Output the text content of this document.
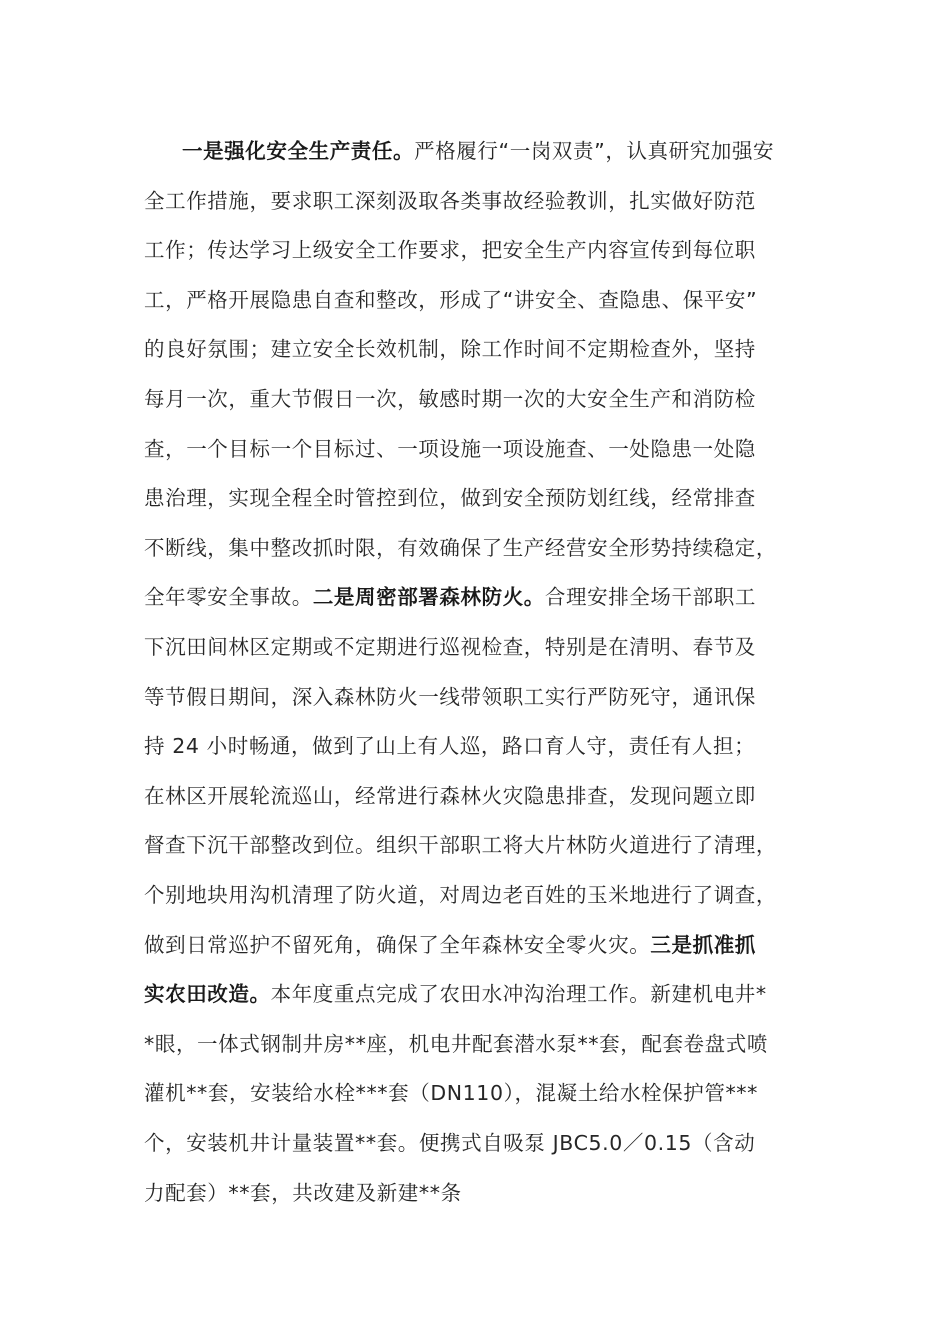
一是强化安全生产责任。严格履行“一岗双责”，认真研究加强安
全工作措施，要求职工深刻汲取各类事故经验教训，扎实做好防范
工作；传达学习上级安全工作要求，把安全生产内容宣传到每位职
工，严格开展隐患自查和整改，形成了“讲安全、查隐患、保平安”
的良好氛围；建立安全长效机制，除工作时间不定期检查外，坚持
每月一次，重大节假日一次，敏感时期一次的大安全生产和消防检
查，一个目标一个目标过、一项设施一项设施查、一处隐患一处隐
患治理，实现全程全时管控到位，做到安全预防划红线，经常排查
不断线，集中整改抓时限，有效确保了生产经营安全形势持续稳定，
全年零安全事故。二是周密部署森林防火。合理安排全场干部职工
下沉田间林区定期或不定期进行巡视检查，特别是在清明、春节及
等节假日期间，深入森林防火一线带领职工实行严防死守，通讯保
持 24 小时畅通，做到了山上有人巡，路口育人守，责任有人担；
在林区开展轮流巡山，经常进行森林火灾隐患排查，发现问题立即
督查下沉干部整改到位。组织干部职工将大片林防火道进行了清理，
个别地块用沟机清理了防火道，对周边老百姓的玉米地进行了调查，
做到日常巡护不留死角，确保了全年森林安全零火灾。三是抓准抓
实农田改造。本年度重点完成了农田水冲沟治理工作。新建机电井*
*眼，一体式钢制井房**座，机电井配套潜水泵**套，配套卷盘式喷
灌机**套，安装给水栓***套（DN110），混凝土给水栓保护管***
个，安装机井计量装置**套。便携式自吸泵 JBC5.0／0.15（含动
力配套）**套，共改建及新建**条
